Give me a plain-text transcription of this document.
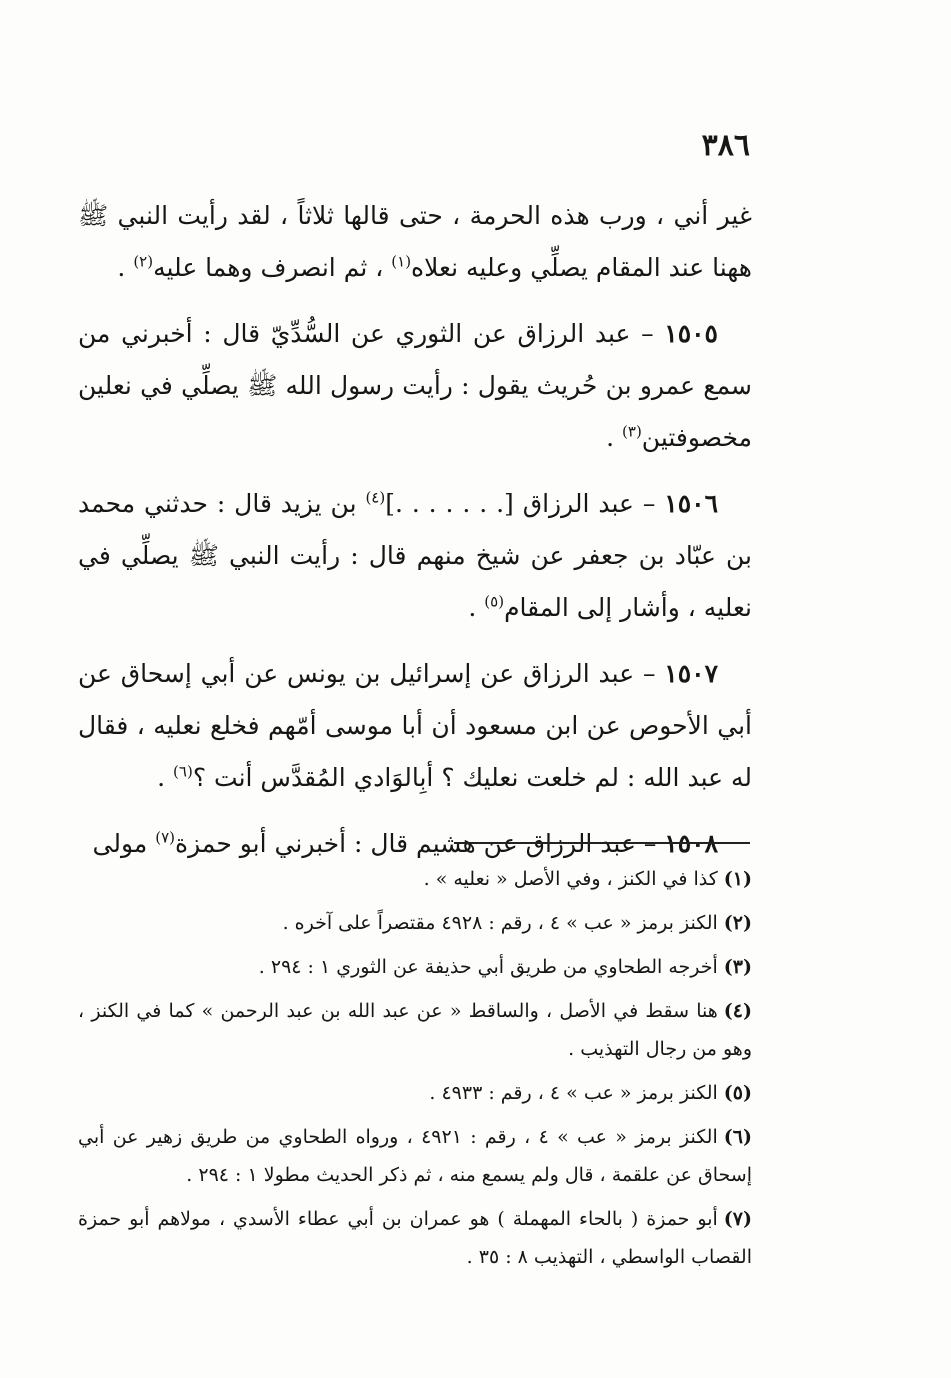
٣٨٦

غير أني ، ورب هذه الحرمة ، حتى قالها ثلاثاً ، لقد رأيت النبي ﷺ ههنا عند المقام يصلِّي وعليه نعلاه$^{(١)}$ ، ثم انصرف وهما عليه$^{(٢)}$ .

١٥٠٥ – عبد الرزاق عن الثوري عن السُّدِّيّ قال : أخبرني من سمع عمرو بن حُريث يقول : رأيت رسول الله ﷺ يصلِّي في نعلين مخصوفتين$^{(٣)}$ .

١٥٠٦ – عبد الرزاق [. . . . . . .]$^{(٤)}$ بن يزيد قال : حدثني محمد بن عبّاد بن جعفر عن شيخ منهم قال : رأيت النبي ﷺ يصلِّي في نعليه ، وأشار إلى المقام$^{(٥)}$ .

١٥٠٧ – عبد الرزاق عن إسرائيل بن يونس عن أبي إسحاق عن أبي الأحوص عن ابن مسعود أن أبا موسى أمّهم فخلع نعليه ، فقال له عبد الله : لم خلعت نعليك ؟ أبِالوَادي المُقدَّس أنت ؟$^{(٦)}$ .

١٥٠٨ – عبد الرزاق عن هشيم قال : أخبرني أبو حمزة$^{(٧)}$ مولى

(١)كذا في الكنز ، وفي الأصل « نعليه » .

(٢)الكنز برمز « عب » ٤ ، رقم : ٤٩٢٨ مقتصراً على آخره .

(٣)أخرجه الطحاوي من طريق أبي حذيفة عن الثوري ١ : ٢٩٤ .

(٤)هنا سقط في الأصل ، والساقط « عن عبد الله بن عبد الرحمن » كما في الكنز ، وهو من رجال التهذيب .

(٥)الكنز برمز « عب » ٤ ، رقم : ٤٩٣٣ .

(٦)الكنز برمز « عب » ٤ ، رقم : ٤٩٢١ ، ورواه الطحاوي من طريق زهير عن أبي إسحاق عن علقمة ، قال ولم يسمع منه ، ثم ذكر الحديث مطولا ١ : ٢٩٤ .

(٧)أبو حمزة ( بالحاء المهملة ) هو عمران بن أبي عطاء الأسدي ، مولاهم أبو حمزة القصاب الواسطي ، التهذيب ٨ : ٣٥ .
